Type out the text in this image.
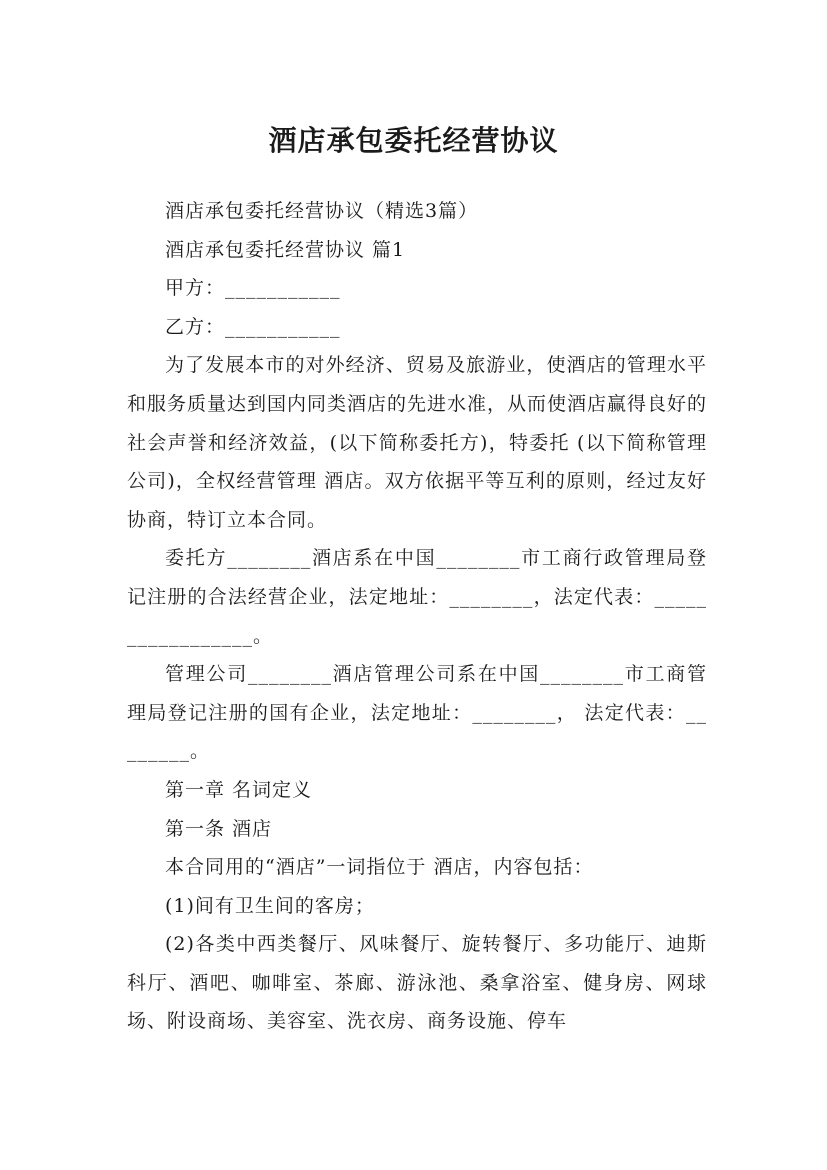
酒店承包委托经营协议

酒店承包委托经营协议（精选3篇）

酒店承包委托经营协议 篇1

甲方：___________

乙方：___________

为了发展本市的对外经济、贸易及旅游业，使酒店的管理水平和服务质量达到国内同类酒店的先进水准，从而使酒店赢得良好的社会声誉和经济效益，(以下简称委托方)，特委托 (以下简称管理公司)，全权经营管理 酒店。双方依据平等互利的原则，经过友好协商，特订立本合同。

委托方________酒店系在中国________市工商行政管理局登记注册的合法经营企业，法定地址：________，法定代表：_________________。

管理公司________酒店管理公司系在中国________市工商管理局登记注册的国有企业，法定地址：________， 法定代表：________。

第一章 名词定义

第一条 酒店

本合同用的“酒店”一词指位于 酒店，内容包括：

(1)间有卫生间的客房；

(2)各类中西类餐厅、风味餐厅、旋转餐厅、多功能厅、迪斯科厅、酒吧、咖啡室、茶廊、游泳池、桑拿浴室、健身房、网球场、附设商场、美容室、洗衣房、商务设施、停车
